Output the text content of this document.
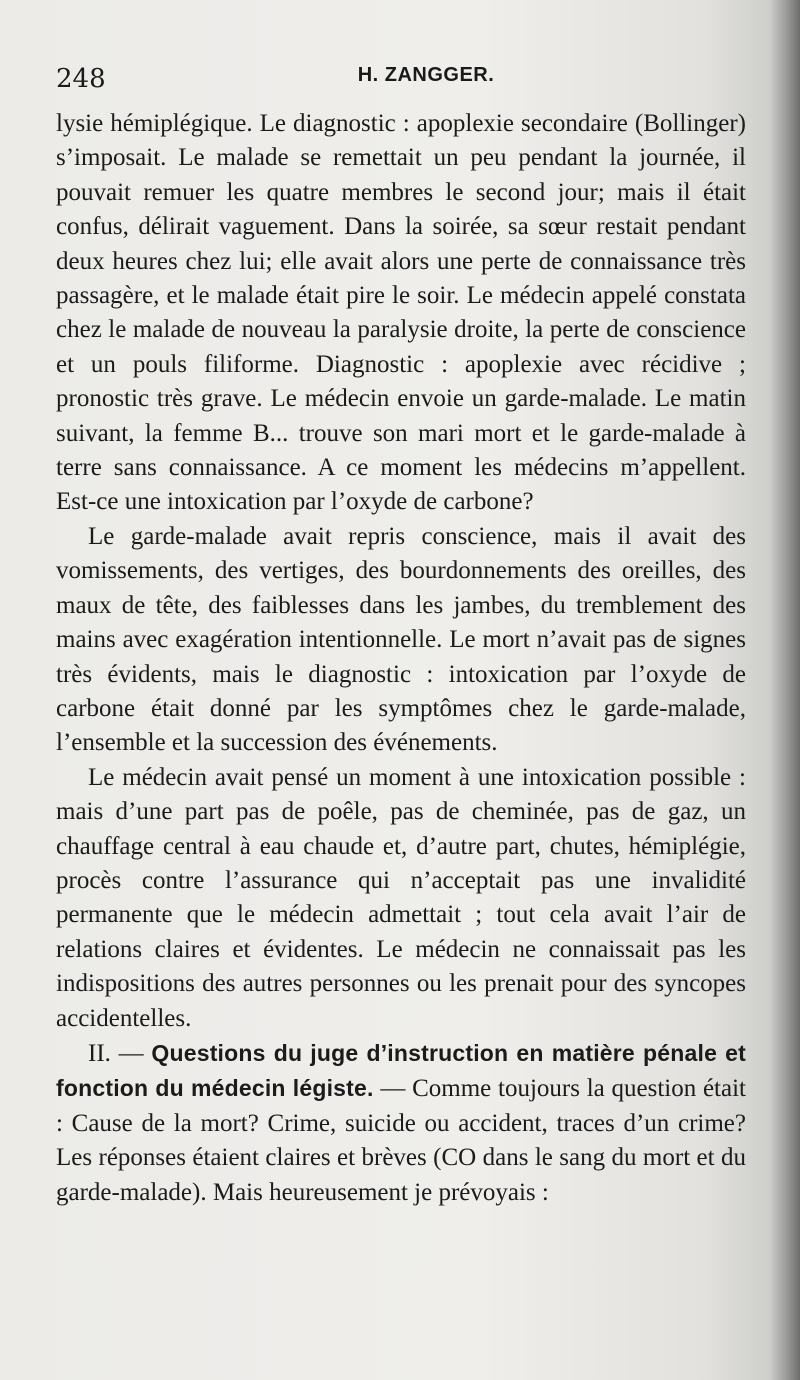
248	H. ZANGGER.

lysie hémiplégique. Le diagnostic : apoplexie secondaire (Bollinger) s’imposait. Le malade se remettait un peu pendant la journée, il pouvait remuer les quatre membres le second jour; mais il était confus, délirait vaguement. Dans la soirée, sa sœur restait pendant deux heures chez lui; elle avait alors une perte de connaissance très passagère, et le malade était pire le soir. Le médecin appelé constata chez le malade de nouveau la paralysie droite, la perte de conscience et un pouls filiforme. Diagnostic : apoplexie avec récidive ; pronostic très grave. Le médecin envoie un garde-malade. Le matin suivant, la femme B... trouve son mari mort et le garde-malade à terre sans connaissance. A ce moment les médecins m’appellent. Est-ce une intoxication par l’oxyde de carbone?

Le garde-malade avait repris conscience, mais il avait des vomissements, des vertiges, des bourdonnements des oreilles, des maux de tête, des faiblesses dans les jambes, du tremblement des mains avec exagération intentionnelle. Le mort n’avait pas de signes très évidents, mais le diagnostic : intoxication par l’oxyde de carbone était donné par les symptômes chez le garde-malade, l’ensemble et la succession des événements.

Le médecin avait pensé un moment à une intoxication possible : mais d’une part pas de poêle, pas de cheminée, pas de gaz, un chauffage central à eau chaude et, d’autre part, chutes, hémiplégie, procès contre l’assurance qui n’acceptait pas une invalidité permanente que le médecin admettait ; tout cela avait l’air de relations claires et évidentes. Le médecin ne connaissait pas les indispositions des autres personnes ou les prenait pour des syncopes accidentelles.

II. — Questions du juge d’instruction en matière pénale et fonction du médecin légiste. — Comme toujours la question était : Cause de la mort? Crime, suicide ou accident, traces d’un crime? Les réponses étaient claires et brèves (CO dans le sang du mort et du garde-malade). Mais heureusement je prévoyais :
